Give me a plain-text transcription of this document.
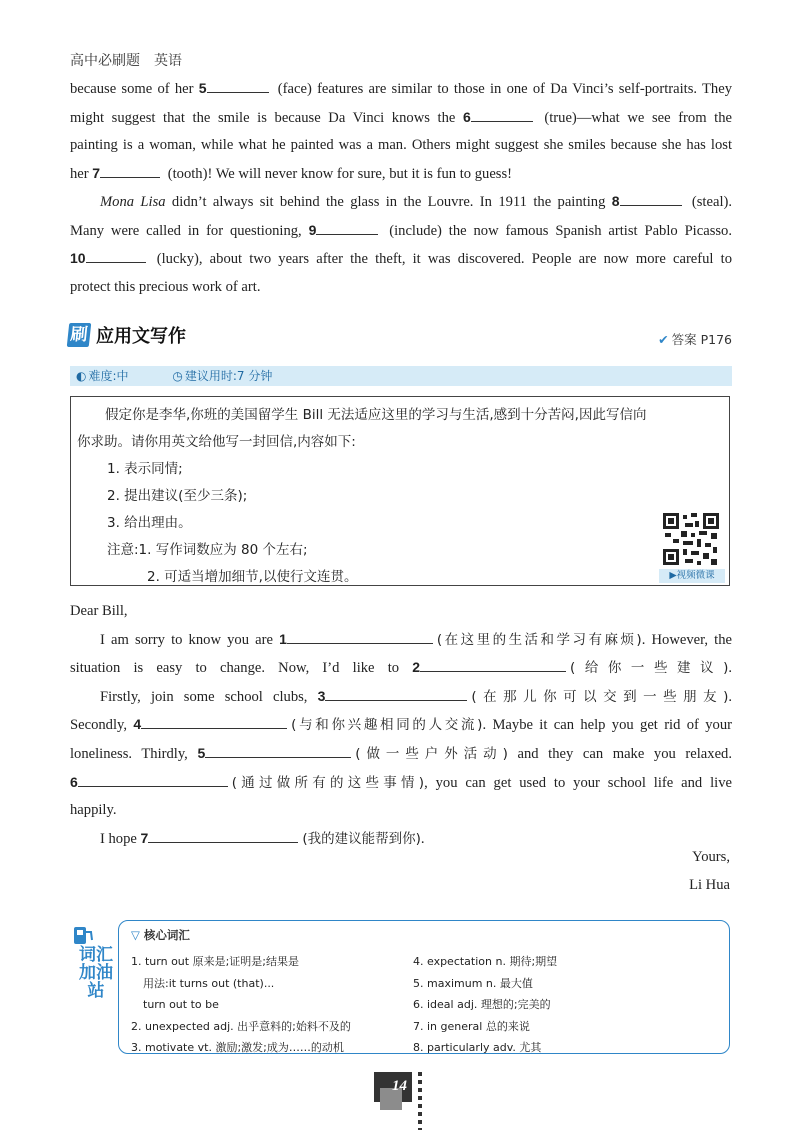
高中必刷题　英语
because some of her 5	(face) features are similar to those in one of Da Vinci’s self-portraits. They
might suggest that the smile is because Da Vinci knows the 6	(true)—what we see from the
painting is a woman, while what he painted was a man. Others might suggest she smiles because she has lost
her 7	(tooth)! We will never know for sure, but it is fun to guess!
Mona Lisa didn’t always sit behind the glass in the Louvre. In 1911 the painting 8	(steal).
Many were called in for questioning, 9	(include) the now famous Spanish artist Pablo Picasso.
10	(lucky), about two years after the theft, it was discovered. People are now more careful to
protect this precious work of art.
刷 应用文写作	✔ 答案 P176
◐ 难度:中	◷ 建议用时:7 分钟
假定你是李华,你班的美国留学生 Bill 无法适应这里的学习与生活,感到十分苦闷,因此写信向
你求助。请你用英文给他写一封回信,内容如下:
1. 表示同情;
2. 提出建议(至少三条);
3. 给出理由。
注意:1. 写作词数应为 80 个左右;
2. 可适当增加细节,以使行文连贯。	▶视频微课
Dear Bill,
I am sorry to know you are 1	(在这里的生活和学习有麻烦). However, the
situation is easy to change. Now, I’d like to 2	(给你一些建议).
Firstly, join some school clubs, 3	(在那儿你可以交到一些朋友).
Secondly, 4	(与和你兴趣相同的人交流). Maybe it can help you get rid of your
loneliness. Thirdly, 5	(做一些户外活动) and they can make you relaxed.
6	(通过做所有的这些事情), you can get used to your school life and live
happily.
I hope 7	(我的建议能帮到你).
Yours,
Li Hua
词汇加油站
▽ 核心词汇
1. turn out 原来是;证明是;结果是
用法:it turns out (that)...
turn out to be
2. unexpected adj. 出乎意料的;始料不及的
3. motivate vt. 激励;激发;成为……的动机
4. expectation n. 期待;期望
5. maximum n. 最大值
6. ideal adj. 理想的;完美的
7. in general 总的来说
8. particularly adv. 尤其
14
